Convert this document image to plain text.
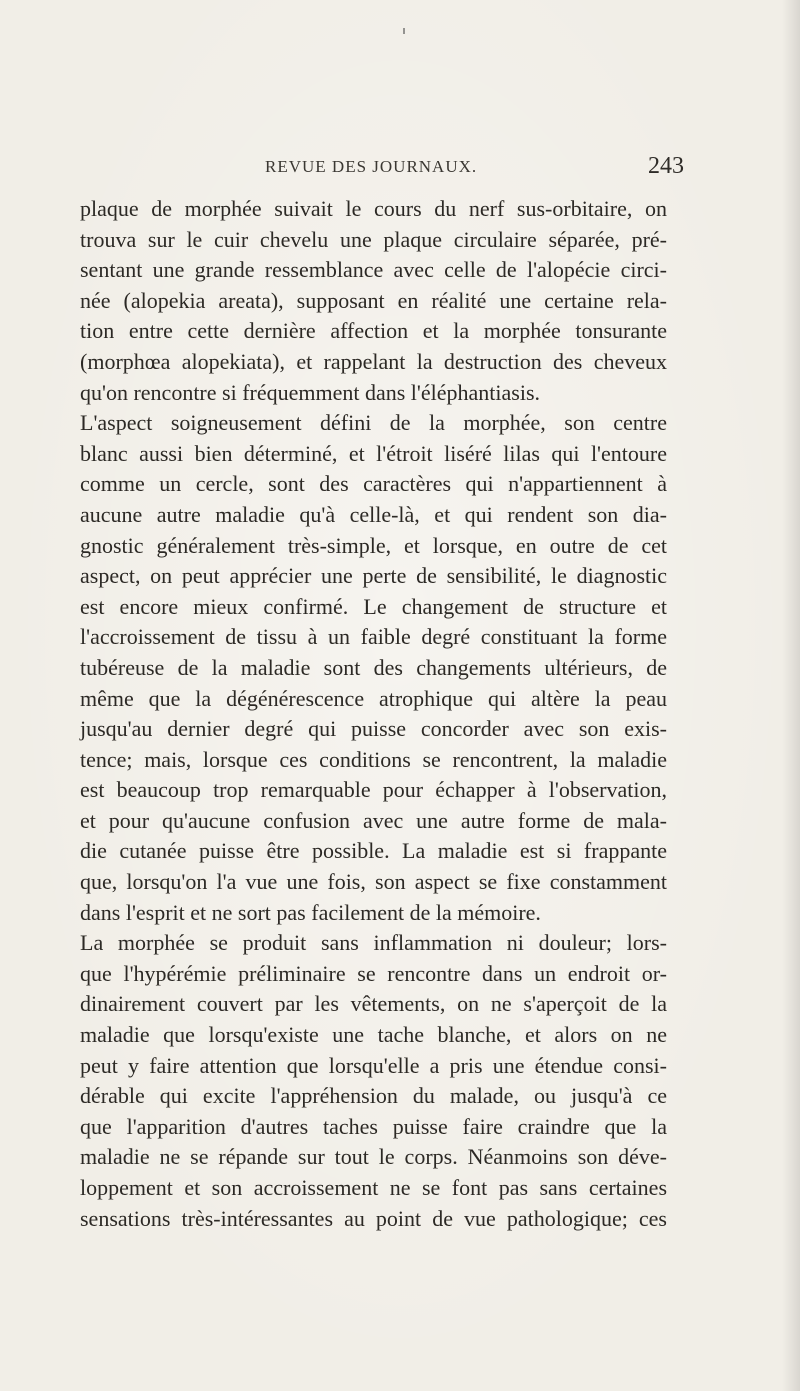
REVUE DES JOURNAUX.	243
plaque de morphée suivait le cours du nerf sus-orbitaire, on
trouva sur le cuir chevelu une plaque circulaire séparée, pré-
sentant une grande ressemblance avec celle de l'alopécie circi-
née (alopekia areata), supposant en réalité une certaine rela-
tion entre cette dernière affection et la morphée tonsurante
(morphœa alopekiata), et rappelant la destruction des cheveux
qu'on rencontre si fréquemment dans l'éléphantiasis.
L'aspect soigneusement défini de la morphée, son centre
blanc aussi bien déterminé, et l'étroit liséré lilas qui l'entoure
comme un cercle, sont des caractères qui n'appartiennent à
aucune autre maladie qu'à celle-là, et qui rendent son dia-
gnostic généralement très-simple, et lorsque, en outre de cet
aspect, on peut apprécier une perte de sensibilité, le diagnostic
est encore mieux confirmé. Le changement de structure et
l'accroissement de tissu à un faible degré constituant la forme
tubéreuse de la maladie sont des changements ultérieurs, de
même que la dégénérescence atrophique qui altère la peau
jusqu'au dernier degré qui puisse concorder avec son exis-
tence; mais, lorsque ces conditions se rencontrent, la maladie
est beaucoup trop remarquable pour échapper à l'observation,
et pour qu'aucune confusion avec une autre forme de mala-
die cutanée puisse être possible. La maladie est si frappante
que, lorsqu'on l'a vue une fois, son aspect se fixe constamment
dans l'esprit et ne sort pas facilement de la mémoire.
La morphée se produit sans inflammation ni douleur; lors-
que l'hypérémie préliminaire se rencontre dans un endroit or-
dinairement couvert par les vêtements, on ne s'aperçoit de la
maladie que lorsqu'existe une tache blanche, et alors on ne
peut y faire attention que lorsqu'elle a pris une étendue consi-
dérable qui excite l'appréhension du malade, ou jusqu'à ce
que l'apparition d'autres taches puisse faire craindre que la
maladie ne se répande sur tout le corps. Néanmoins son déve-
loppement et son accroissement ne se font pas sans certaines
sensations très-intéressantes au point de vue pathologique; ces
